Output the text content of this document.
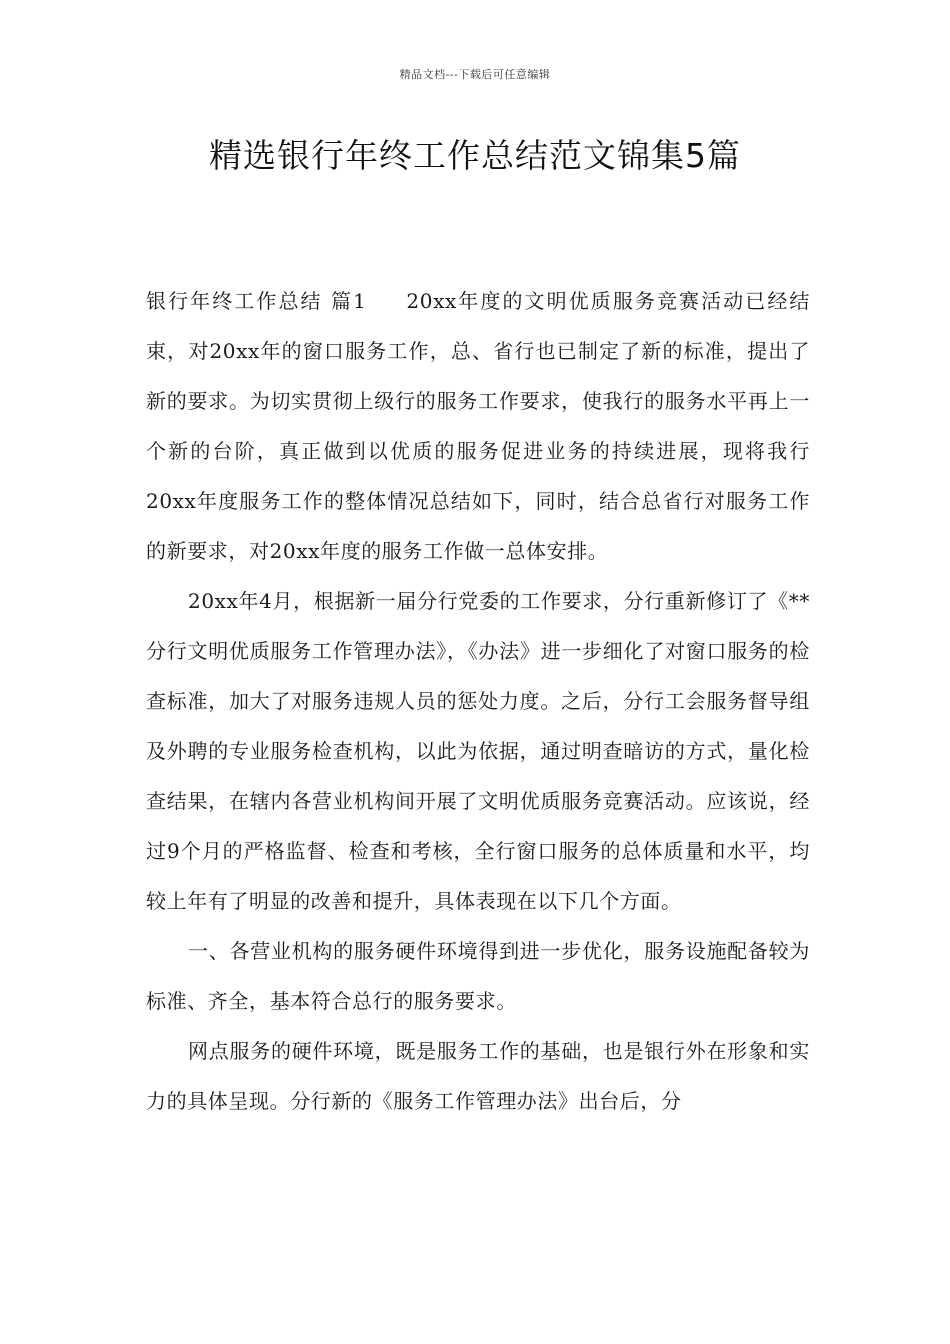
精品文档---下载后可任意编辑
精选银行年终工作总结范文锦集5篇

银行年终工作总结 篇1 20xx年度的文明优质服务竞赛活动已经结束，对20xx年的窗口服务工作，总、省行也已制定了新的标准，提出了新的要求。为切实贯彻上级行的服务工作要求，使我行的服务水平再上一个新的台阶，真正做到以优质的服务促进业务的持续进展，现将我行20xx年度服务工作的整体情况总结如下，同时，结合总省行对服务工作的新要求，对20xx年度的服务工作做一总体安排。

20xx年4月，根据新一届分行党委的工作要求，分行重新修订了《**分行文明优质服务工作管理办法》，《办法》进一步细化了对窗口服务的检查标准，加大了对服务违规人员的惩处力度。之后，分行工会服务督导组及外聘的专业服务检查机构，以此为依据，通过明查暗访的方式，量化检查结果，在辖内各营业机构间开展了文明优质服务竞赛活动。应该说，经过9个月的严格监督、检查和考核，全行窗口服务的总体质量和水平，均较上年有了明显的改善和提升，具体表现在以下几个方面。

一、各营业机构的服务硬件环境得到进一步优化，服务设施配备较为标准、齐全，基本符合总行的服务要求。

网点服务的硬件环境，既是服务工作的基础，也是银行外在形象和实力的具体呈现。分行新的《服务工作管理办法》出台后，分
